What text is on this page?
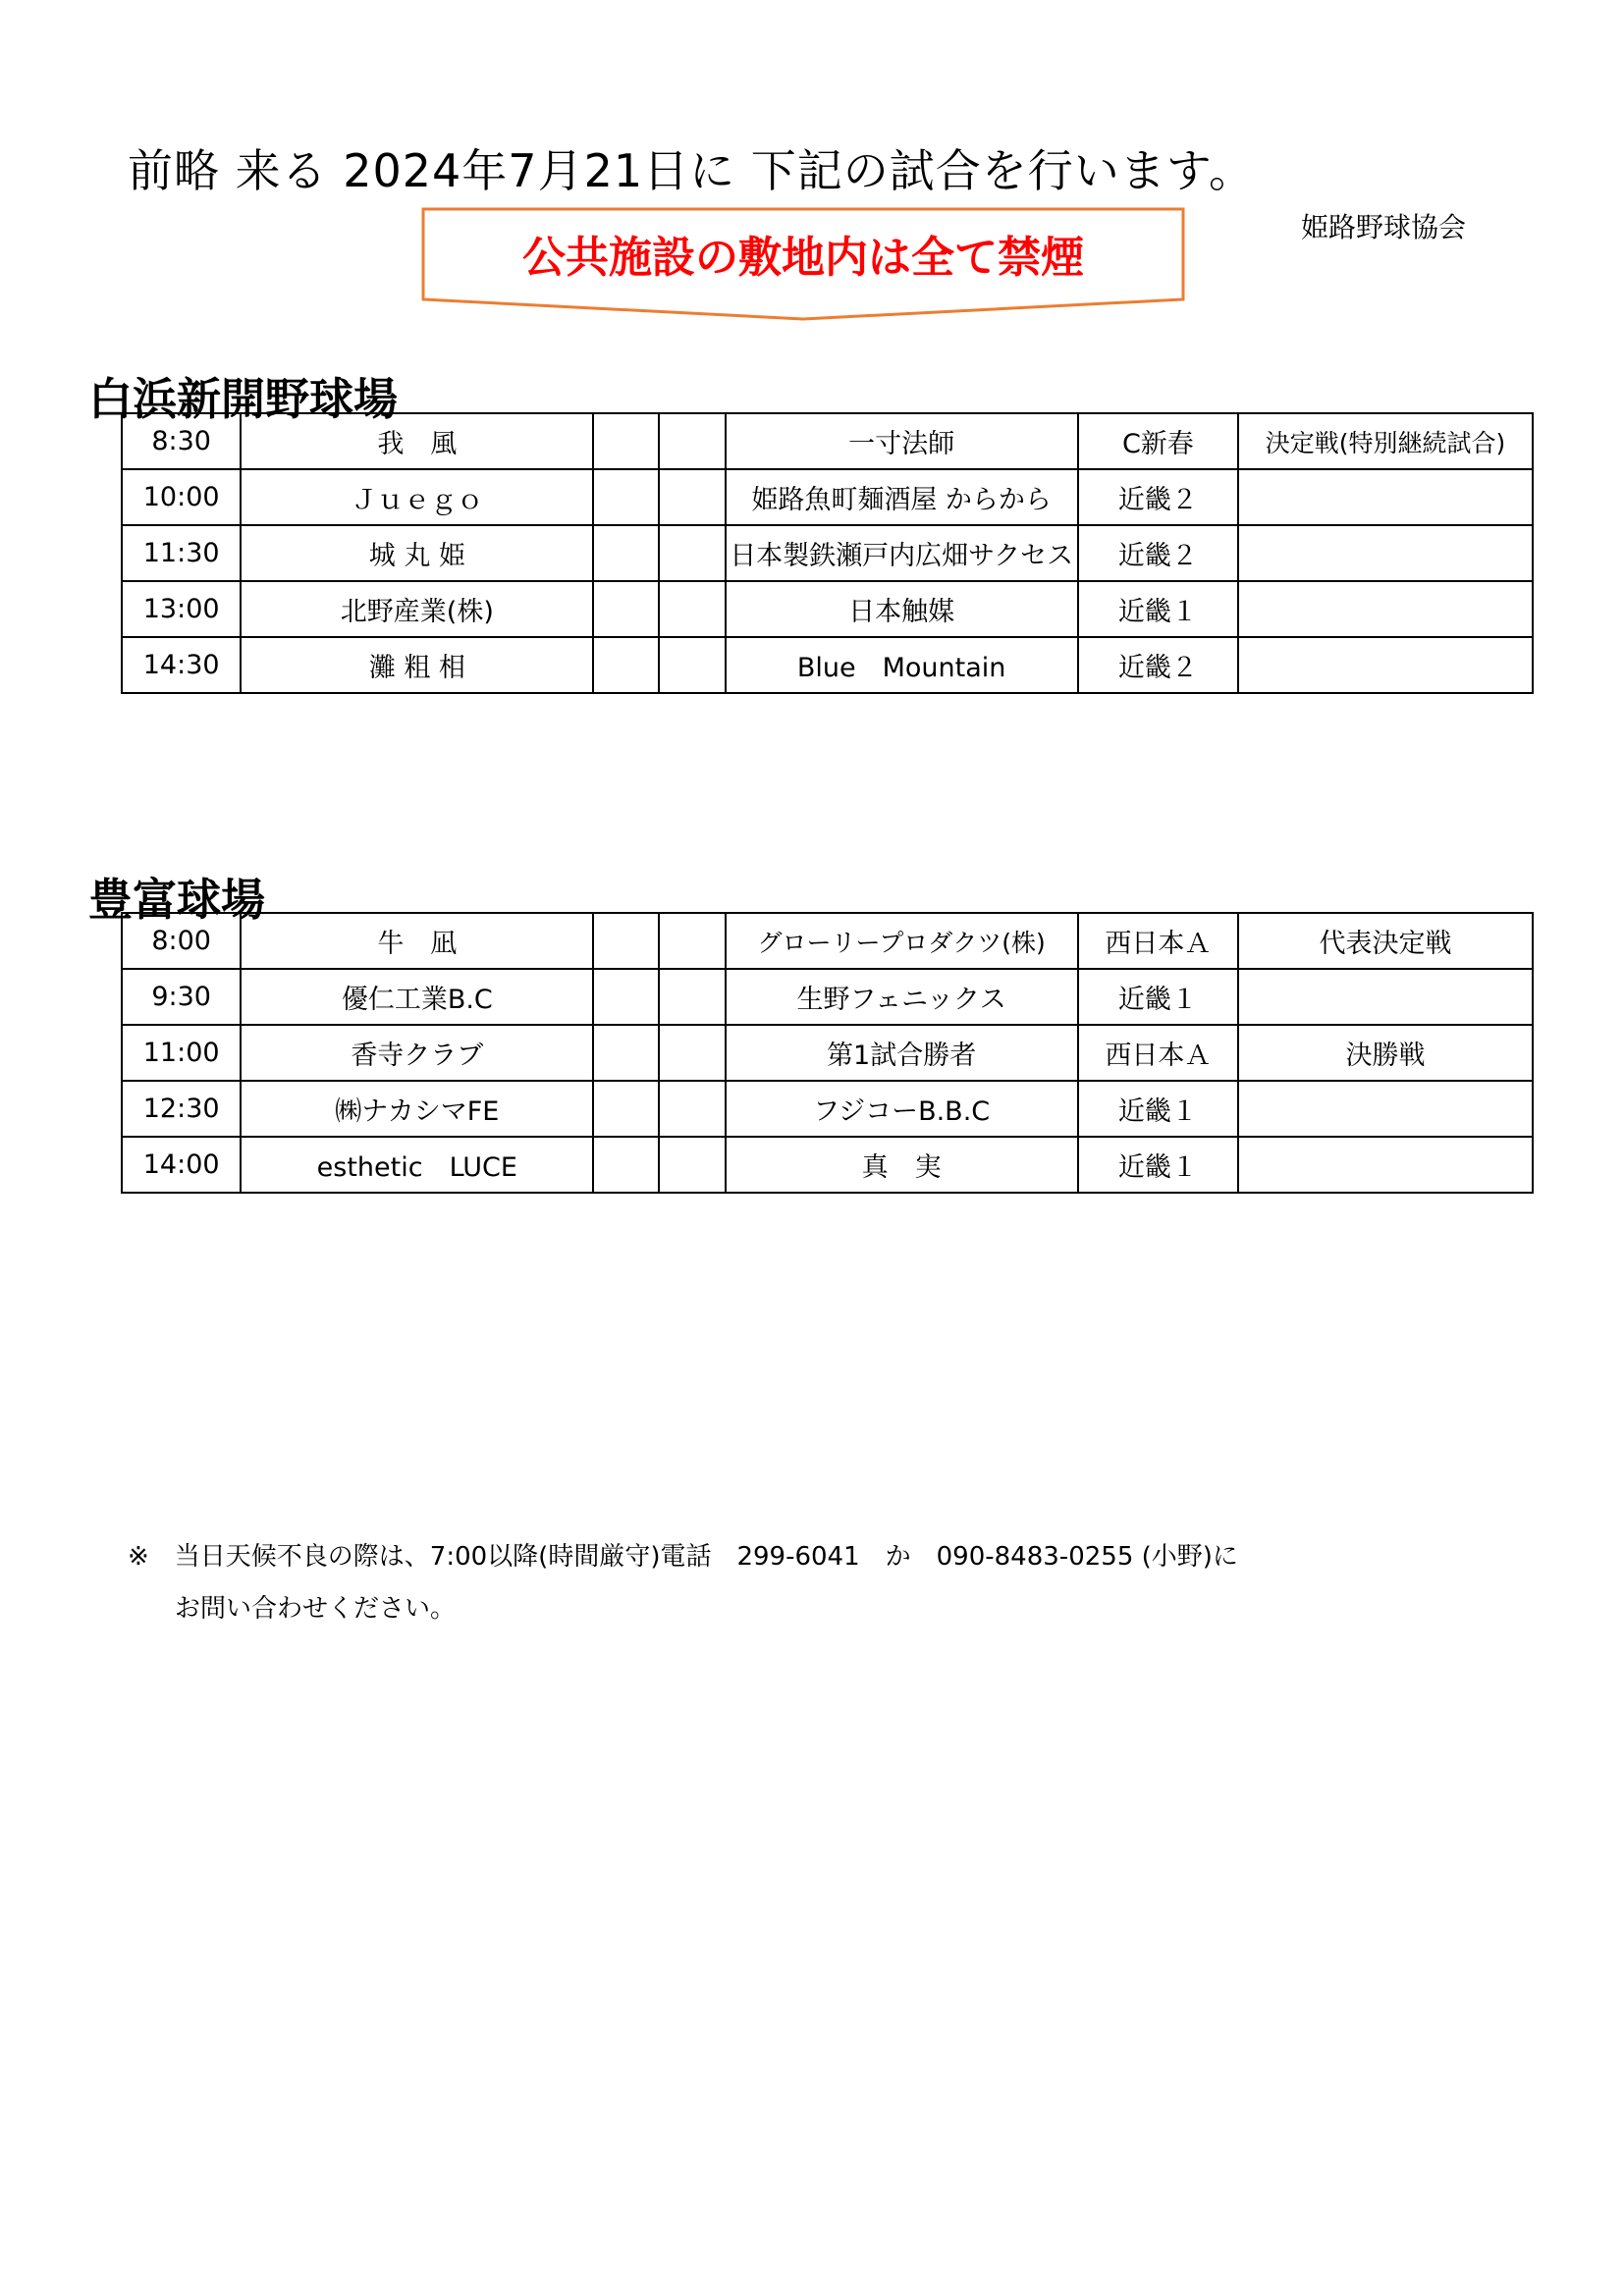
前略 来る 2024年7月21日に 下記の試合を行います。
姫路野球協会
公共施設の敷地内は全て禁煙
白浜新開野球場
8:30	我　風			一寸法師	C新春	決定戦(特別継続試合)
10:00	Ｊｕｅｇｏ			姫路魚町麺酒屋 からから	近畿２	
11:30	城 丸 姫			日本製鉄瀬戸内広畑サクセス	近畿２	
13:00	北野産業(株)			日本触媒	近畿１	
14:30	灘 粗 相			Blue　Mountain	近畿２	
豊富球場
8:00	牛　凪			グローリープロダクツ(株)	西日本Ａ	代表決定戦
9:30	優仁工業B.C			生野フェニックス	近畿１	
11:00	香寺クラブ			第1試合勝者	西日本Ａ	決勝戦
12:30	㈱ナカシマFE			フジコーB.B.C	近畿１	
14:00	esthetic　LUCE			真　実	近畿１	
※　当日天候不良の際は、7:00以降(時間厳守)電話　299-6041　か　090-8483-0255 (小野)に
お問い合わせください。
